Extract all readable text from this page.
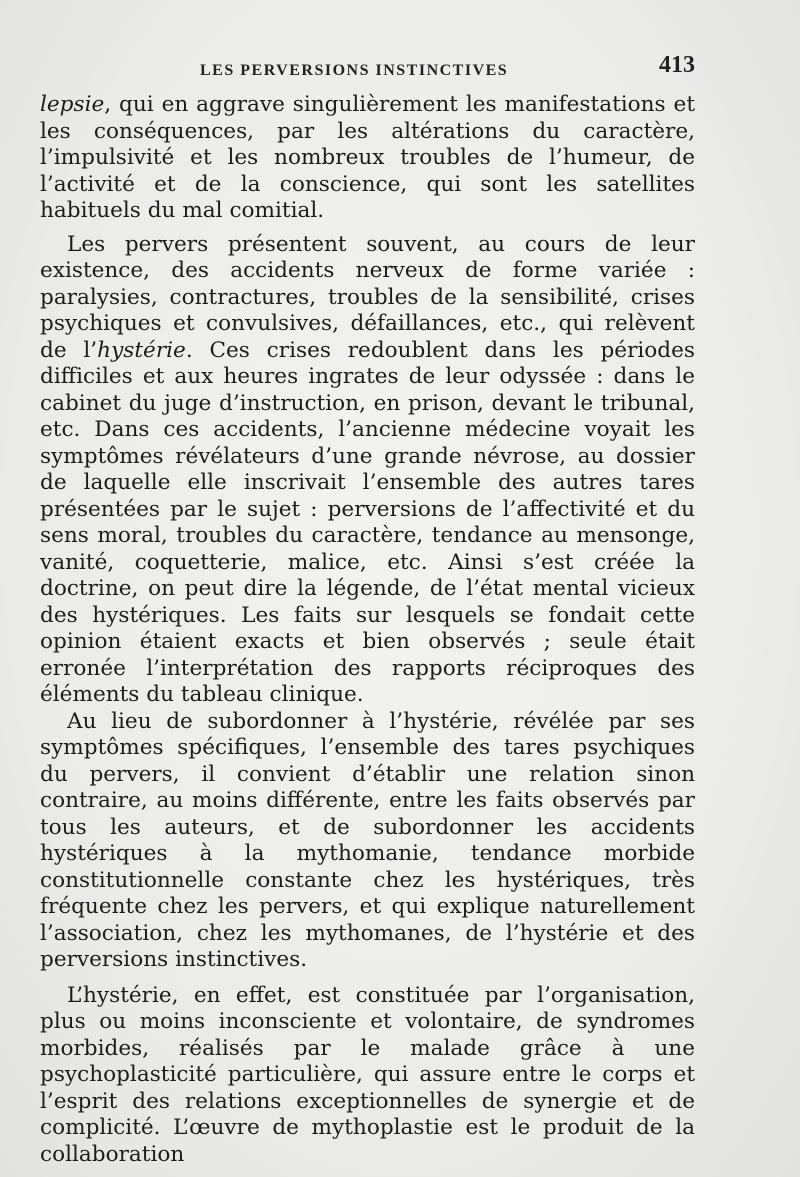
LES PERVERSIONS INSTINCTIVES	413

lepsie, qui en aggrave singulièrement les manifestations et les conséquences, par les altérations du caractère, l’impulsivité et les nombreux troubles de l’humeur, de l’activité et de la conscience, qui sont les satellites habituels du mal comitial.

Les pervers présentent souvent, au cours de leur existence, des accidents nerveux de forme variée : paralysies, contractures, troubles de la sensibilité, crises psychiques et convulsives, défaillances, etc., qui relèvent de l’hystérie. Ces crises redoublent dans les périodes difficiles et aux heures ingrates de leur odyssée : dans le cabinet du juge d’instruction, en prison, devant le tribunal, etc. Dans ces accidents, l’ancienne médecine voyait les symptômes révélateurs d’une grande névrose, au dossier de laquelle elle inscrivait l’ensemble des autres tares présentées par le sujet : perversions de l’affectivité et du sens moral, troubles du caractère, tendance au mensonge, vanité, coquetterie, malice, etc. Ainsi s’est créée la doctrine, on peut dire la légende, de l’état mental vicieux des hystériques. Les faits sur lesquels se fondait cette opinion étaient exacts et bien observés ; seule était erronée l’interprétation des rapports réciproques des éléments du tableau clinique.

Au lieu de subordonner à l’hystérie, révélée par ses symptômes spécifiques, l’ensemble des tares psychiques du pervers, il convient d’établir une relation sinon contraire, au moins différente, entre les faits observés par tous les auteurs, et de subordonner les accidents hystériques à la mythomanie, tendance morbide constitutionnelle constante chez les hystériques, très fréquente chez les pervers, et qui explique naturellement l’association, chez les mythomanes, de l’hystérie et des perversions instinctives.

L’hystérie, en effet, est constituée par l’organisation, plus ou moins inconsciente et volontaire, de syndromes morbides, réalisés par le malade grâce à une psychoplasticité particulière, qui assure entre le corps et l’esprit des relations exceptionnelles de synergie et de complicité. L’œuvre de mythoplastie est le produit de la collaboration
